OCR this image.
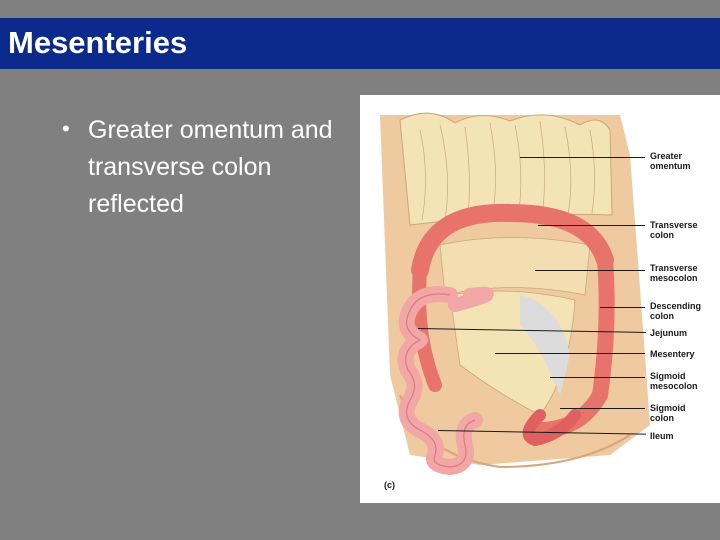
Mesenteries
• Greater omentum and transverse colon reflected
Greater
omentum
Transverse
colon
Transverse
mesocolon
Descending
colon
Jejunum
Mesentery
Sigmoid
mesocolon
Sigmoid
colon
Ileum
(c)
